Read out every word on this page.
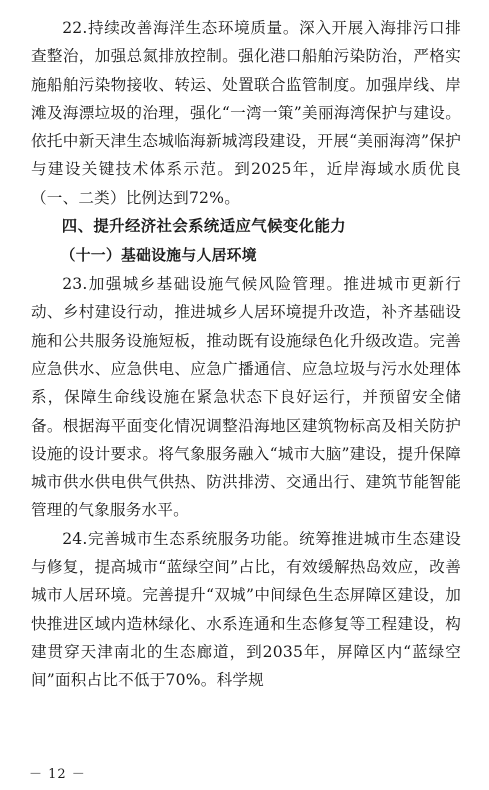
22.持续改善海洋生态环境质量。深入开展入海排污口排查整治，加强总氮排放控制。强化港口船舶污染防治，严格实施船舶污染物接收、转运、处置联合监管制度。加强岸线、岸滩及海漂垃圾的治理，强化“一湾一策”美丽海湾保护与建设。依托中新天津生态城临海新城湾段建设，开展“美丽海湾”保护与建设关键技术体系示范。到2025年，近岸海域水质优良（一、二类）比例达到72%。

四、提升经济社会系统适应气候变化能力

（十一）基础设施与人居环境

23.加强城乡基础设施气候风险管理。推进城市更新行动、乡村建设行动，推进城乡人居环境提升改造，补齐基础设施和公共服务设施短板，推动既有设施绿色化升级改造。完善应急供水、应急供电、应急广播通信、应急垃圾与污水处理体系，保障生命线设施在紧急状态下良好运行，并预留安全储备。根据海平面变化情况调整沿海地区建筑物标高及相关防护设施的设计要求。将气象服务融入“城市大脑”建设，提升保障城市供水供电供气供热、防洪排涝、交通出行、建筑节能智能管理的气象服务水平。

24.完善城市生态系统服务功能。统筹推进城市生态建设与修复，提高城市“蓝绿空间”占比，有效缓解热岛效应，改善城市人居环境。完善提升“双城”中间绿色生态屏障区建设，加快推进区域内造林绿化、水系连通和生态修复等工程建设，构建贯穿天津南北的生态廊道，到2035年，屏障区内“蓝绿空间”面积占比不低于70%。科学规

－ 12 －
